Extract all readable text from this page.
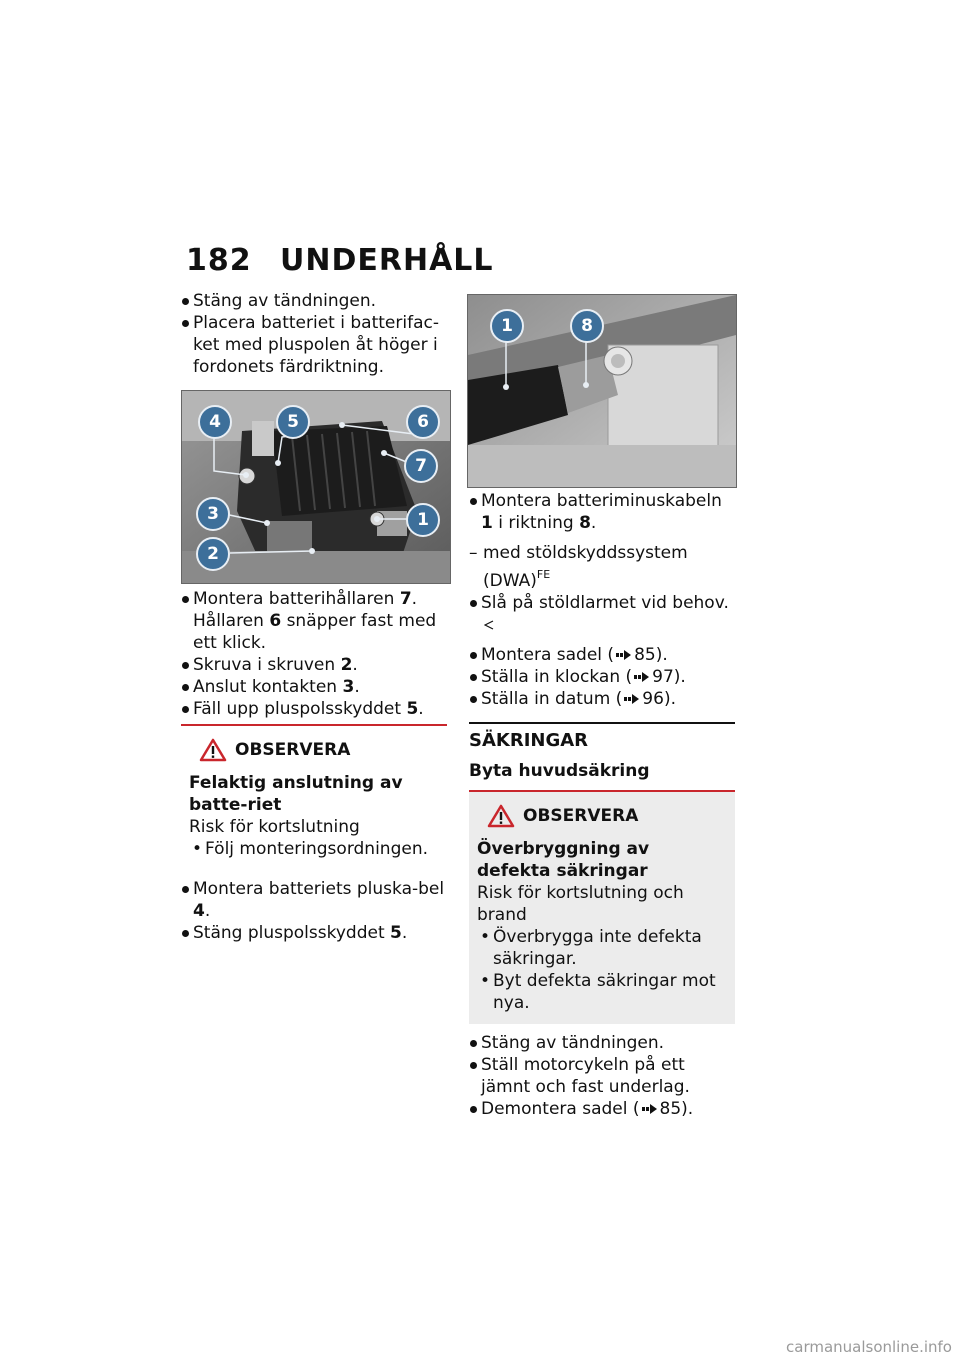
182 UNDERHÅLL

Stäng av tändningen.

Placera batteriet i batterifac-ket med pluspolen åt höger i fordonets färdriktning.

4	5	6
7
3	1
2

Montera batterihållaren 7.

Hållaren 6 snäpper fast med ett klick.

Skruva i skruven 2.

Anslut kontakten 3.

Fäll upp pluspolsskyddet 5.

OBSERVERA
Felaktig anslutning av batte-riet
Risk för kortslutning
• Följ monteringsordningen.

Montera batteriets pluska-bel 4.

Stäng pluspolsskyddet 5.

1	8

Montera batteriminuskabeln 1 i riktning 8.

– med stöldskyddssystem (DWA)$^{FE}$

Slå på stöldlarmet vid behov.

Montera sadel ( 85).

Ställa in klockan ( 97).

Ställa in datum ( 96).

SÄKRINGAR
Byta huvudsäkring
OBSERVERA
Överbryggning av defekta säkringar
Risk för kortslutning och brand
• Överbrygga inte defekta säkringar.
• Byt defekta säkringar mot nya.

Stäng av tändningen.

Ställ motorcykeln på ett jämnt och fast underlag.

Demontera sadel ( 85).

carmanualsonline.info
